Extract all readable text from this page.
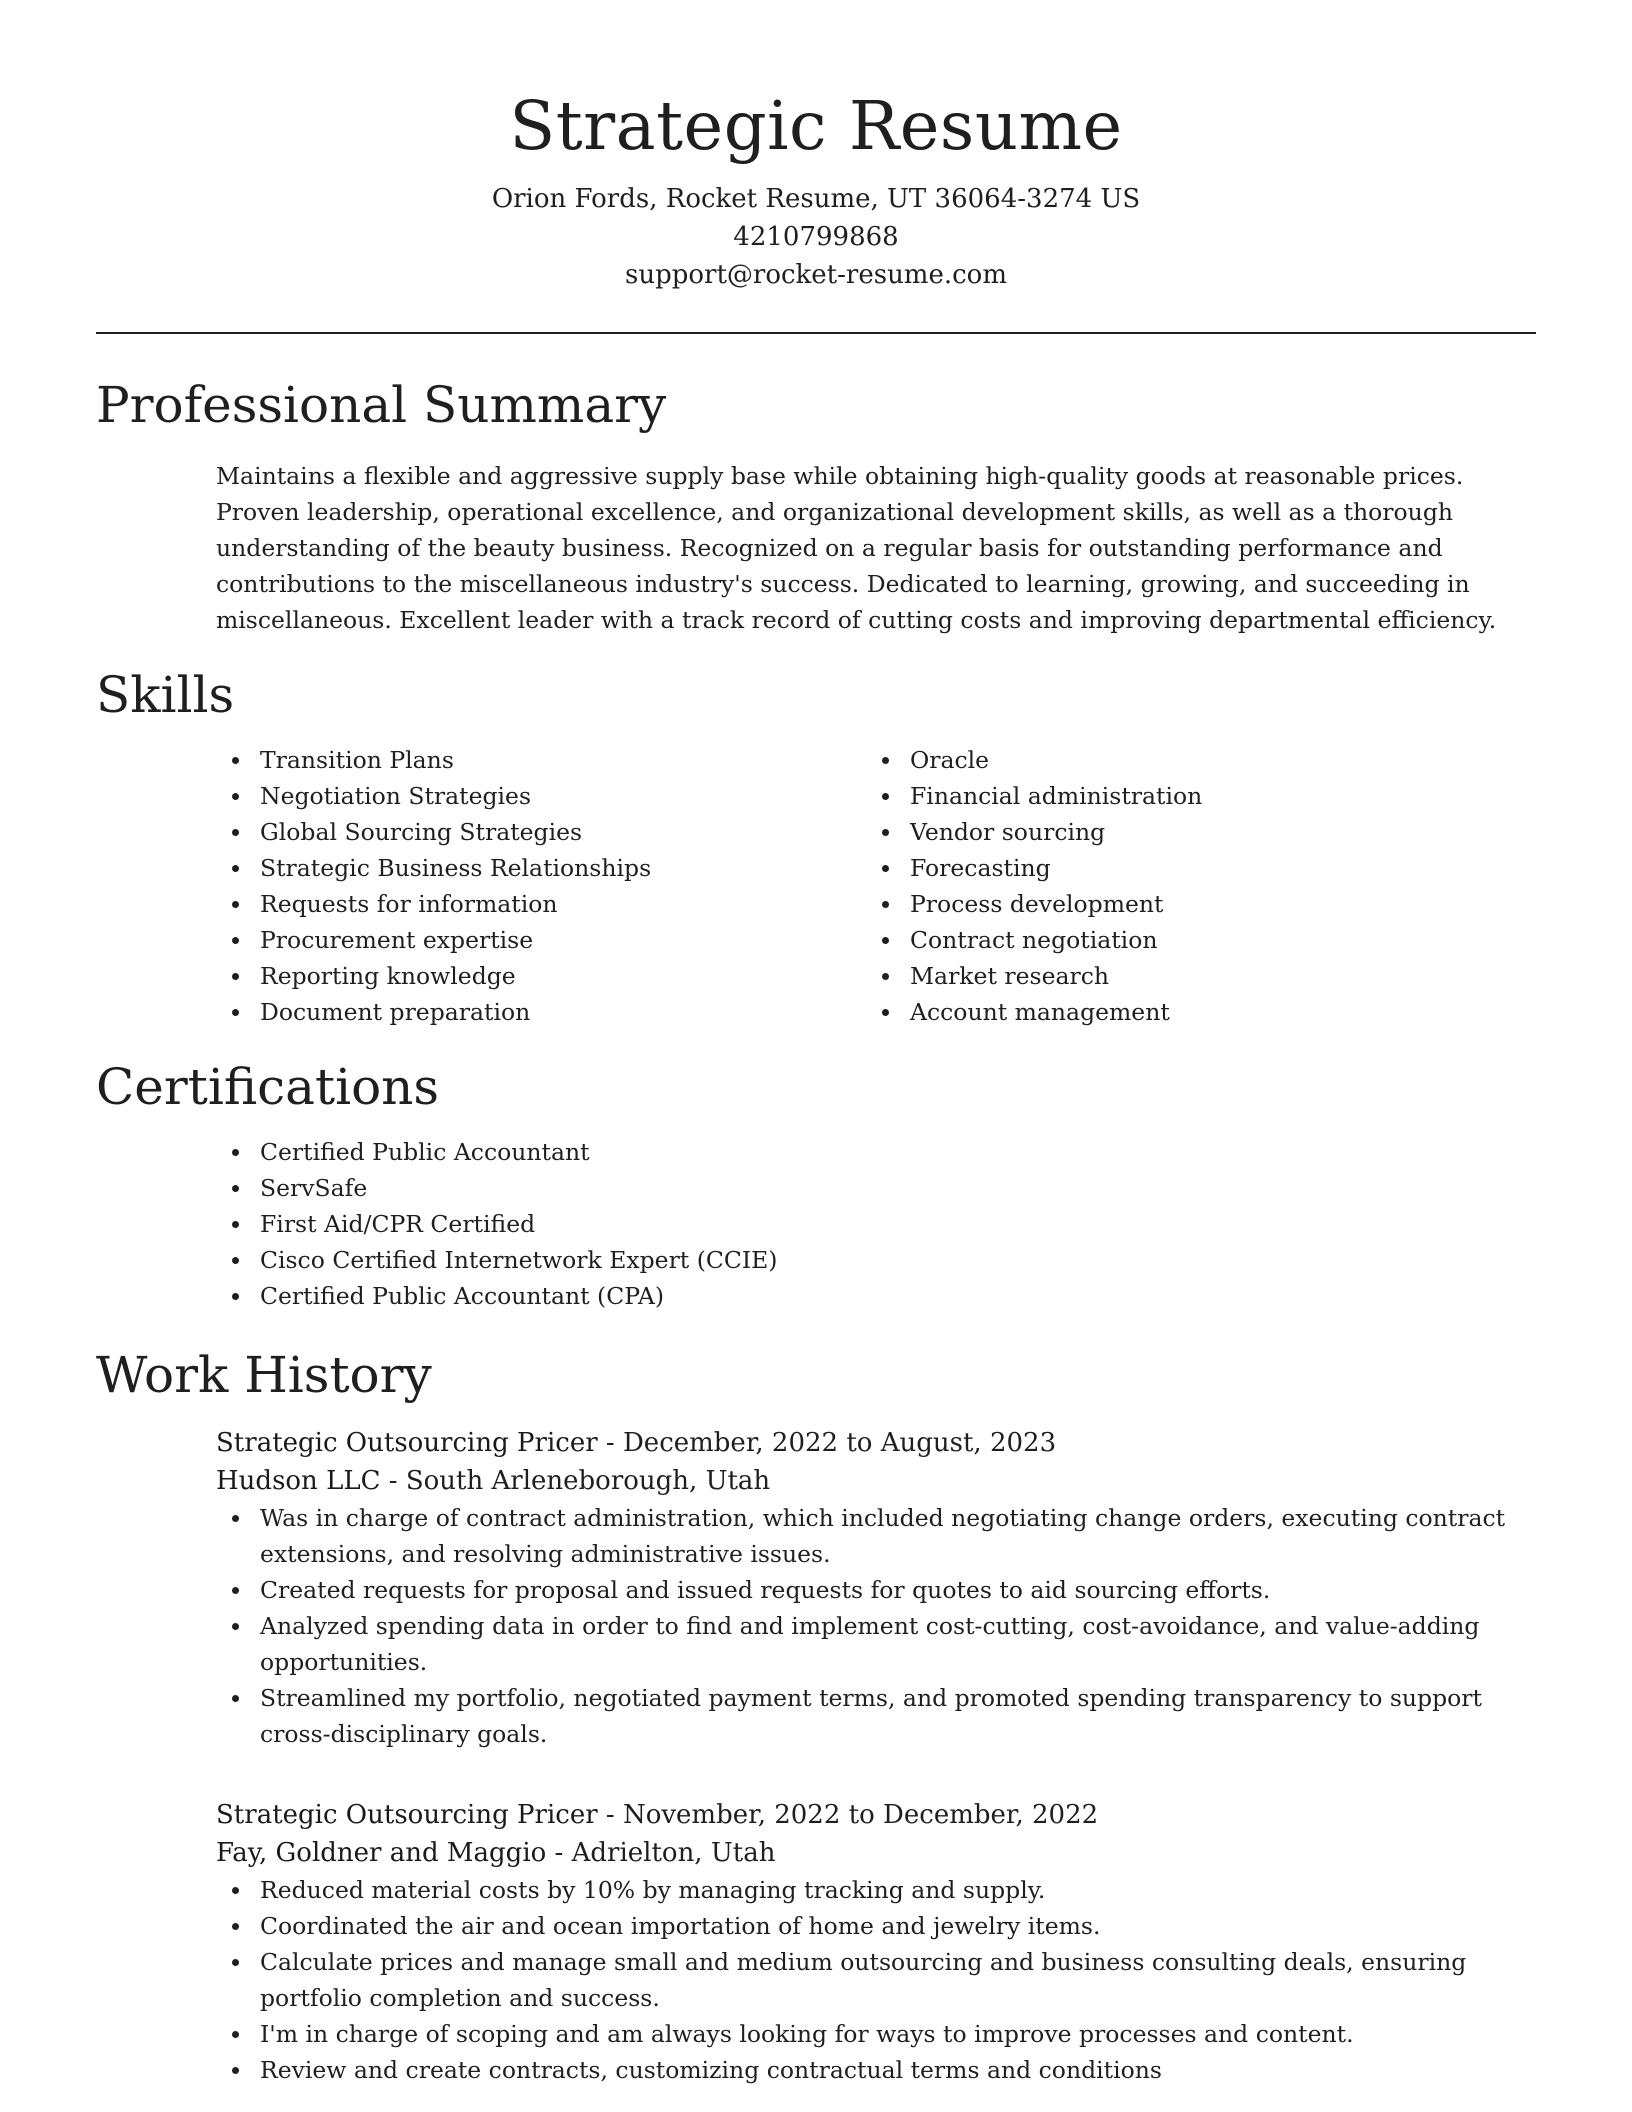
Strategic Resume

Orion Fords, Rocket Resume, UT 36064-3274 US

4210799868

support@rocket-resume.com

Professional Summary
Maintains a flexible and aggressive supply base while obtaining high-quality goods at reasonable prices. Proven leadership, operational excellence, and organizational development skills, as well as a thorough understanding of the beauty business. Recognized on a regular basis for outstanding performance and contributions to the miscellaneous industry's success. Dedicated to learning, growing, and succeeding in miscellaneous. Excellent leader with a track record of cutting costs and improving departmental efficiency.
Skills
Transition Plans
Negotiation Strategies
Global Sourcing Strategies
Strategic Business Relationships
Requests for information
Procurement expertise
Reporting knowledge
Document preparation
Oracle
Financial administration
Vendor sourcing
Forecasting
Process development
Contract negotiation
Market research
Account management
Certifications
Certified Public Accountant
ServSafe
First Aid/CPR Certified
Cisco Certified Internetwork Expert (CCIE)
Certified Public Accountant (CPA)
Work History
Strategic Outsourcing Pricer - December, 2022 to August, 2023
Hudson LLC - South Arleneborough, Utah
Was in charge of contract administration, which included negotiating change orders, executing contract extensions, and resolving administrative issues.
Created requests for proposal and issued requests for quotes to aid sourcing efforts.
Analyzed spending data in order to find and implement cost-cutting, cost-avoidance, and value-adding opportunities.
Streamlined my portfolio, negotiated payment terms, and promoted spending transparency to support cross-disciplinary goals.
Strategic Outsourcing Pricer - November, 2022 to December, 2022
Fay, Goldner and Maggio - Adrielton, Utah
Reduced material costs by 10% by managing tracking and supply.
Coordinated the air and ocean importation of home and jewelry items.
Calculate prices and manage small and medium outsourcing and business consulting deals, ensuring portfolio completion and success.
I'm in charge of scoping and am always looking for ways to improve processes and content.
Review and create contracts, customizing contractual terms and conditions
